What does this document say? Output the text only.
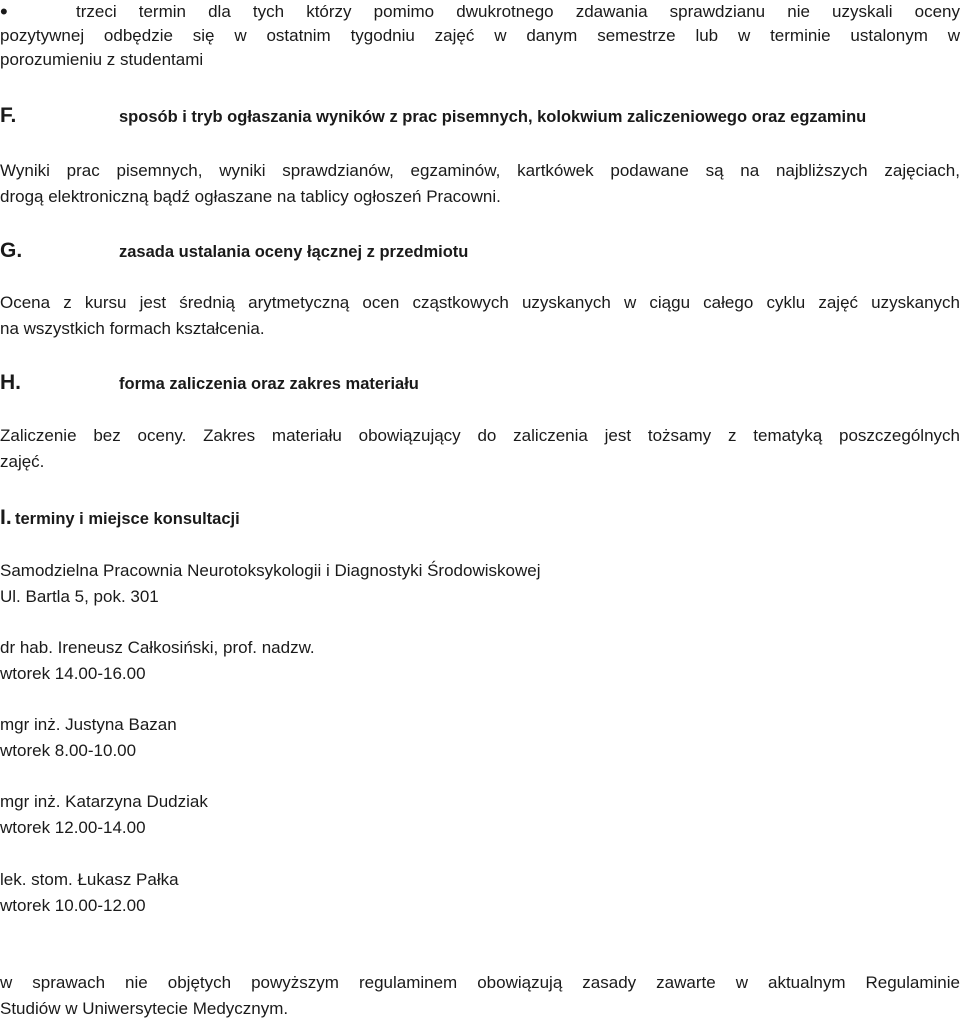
•	trzeci termin dla tych którzy pomimo dwukrotnego zdawania sprawdzianu nie uzyskali oceny
pozytywnej odbędzie się w ostatnim tygodniu zajęć w danym semestrze lub w terminie ustalonym w
porozumieniu z studentami
F.	sposób i tryb ogłaszania wyników z prac pisemnych, kolokwium zaliczeniowego oraz egzaminu
Wyniki prac pisemnych, wyniki sprawdzianów, egzaminów, kartkówek podawane są na najbliższych zajęciach,
drogą elektroniczną bądź ogłaszane na tablicy ogłoszeń Pracowni.
G.	zasada ustalania oceny łącznej z przedmiotu
Ocena z kursu jest średnią arytmetyczną ocen cząstkowych uzyskanych w ciągu całego cyklu zajęć uzyskanych
na wszystkich formach kształcenia.
H.	forma zaliczenia oraz zakres materiału
Zaliczenie bez oceny. Zakres materiału obowiązujący do zaliczenia jest tożsamy z tematyką poszczególnych
zajęć.
I. terminy i miejsce konsultacji
Samodzielna Pracownia Neurotoksykologii i Diagnostyki Środowiskowej
Ul. Bartla 5, pok. 301
dr hab. Ireneusz Całkosiński, prof. nadzw.
wtorek 14.00-16.00
mgr inż. Justyna Bazan
wtorek 8.00-10.00
mgr inż. Katarzyna Dudziak
wtorek 12.00-14.00
lek. stom. Łukasz Pałka
wtorek 10.00-12.00
w sprawach nie objętych powyższym regulaminem obowiązują zasady zawarte w aktualnym Regulaminie
Studiów w Uniwersytecie Medycznym.
